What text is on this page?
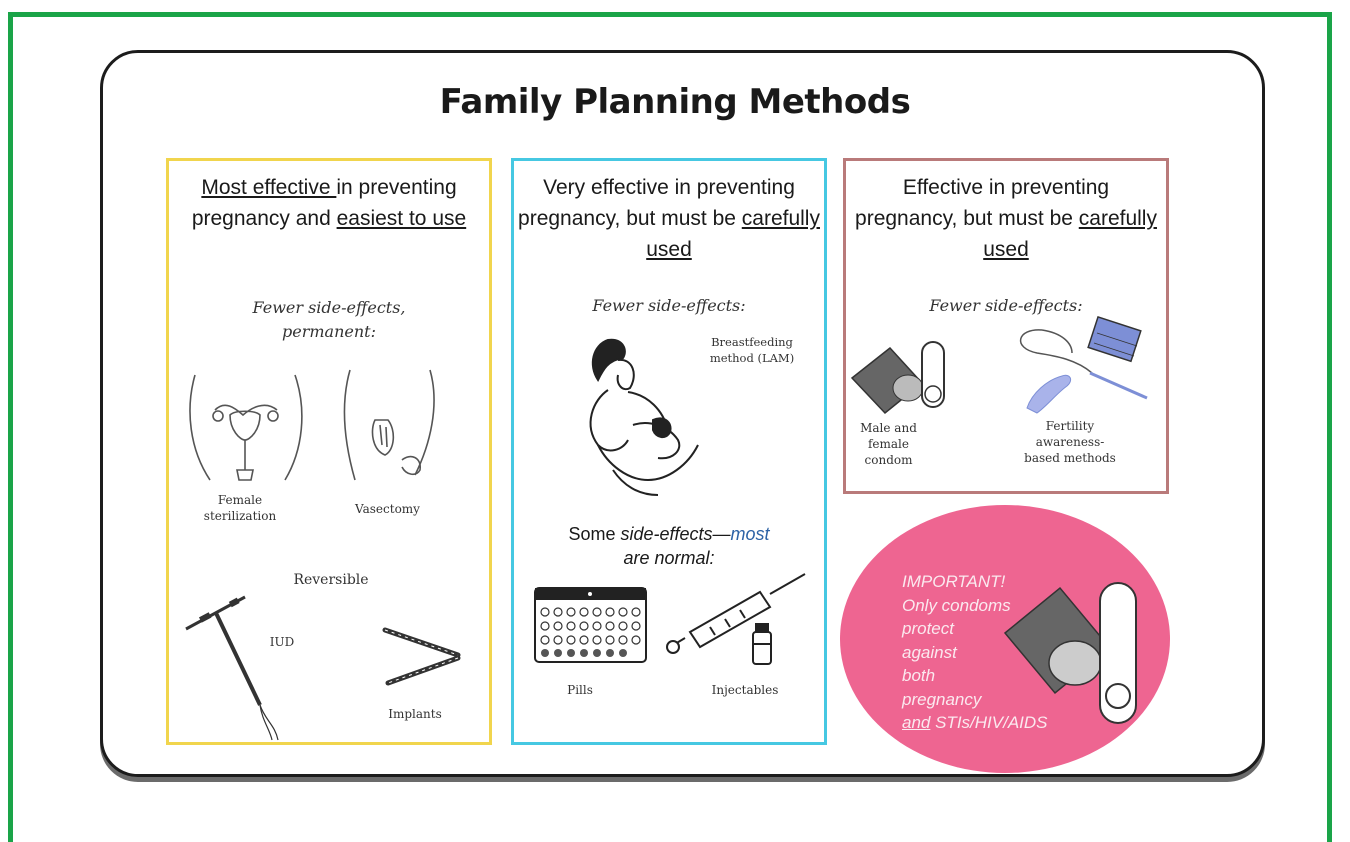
Family Planning Methods
Most effective in preventing pregnancy and easiest to use
Very effective in preventing pregnancy, but must be carefully used
Effective in preventing pregnancy, but must be carefully used
Fewer side-effects,
permanent:
Female
sterilization	Vasectomy
Reversible
IUD
Implants
Fewer side-effects:
Breastfeeding
method (LAM)
Some side-effects—most
are normal:
Pills	Injectables
Fewer side-effects:
Male and
female
condom
Fertility
awareness-
based methods
IMPORTANT!
Only condoms
protect
against
both
pregnancy
and STIs/HIV/AIDS
